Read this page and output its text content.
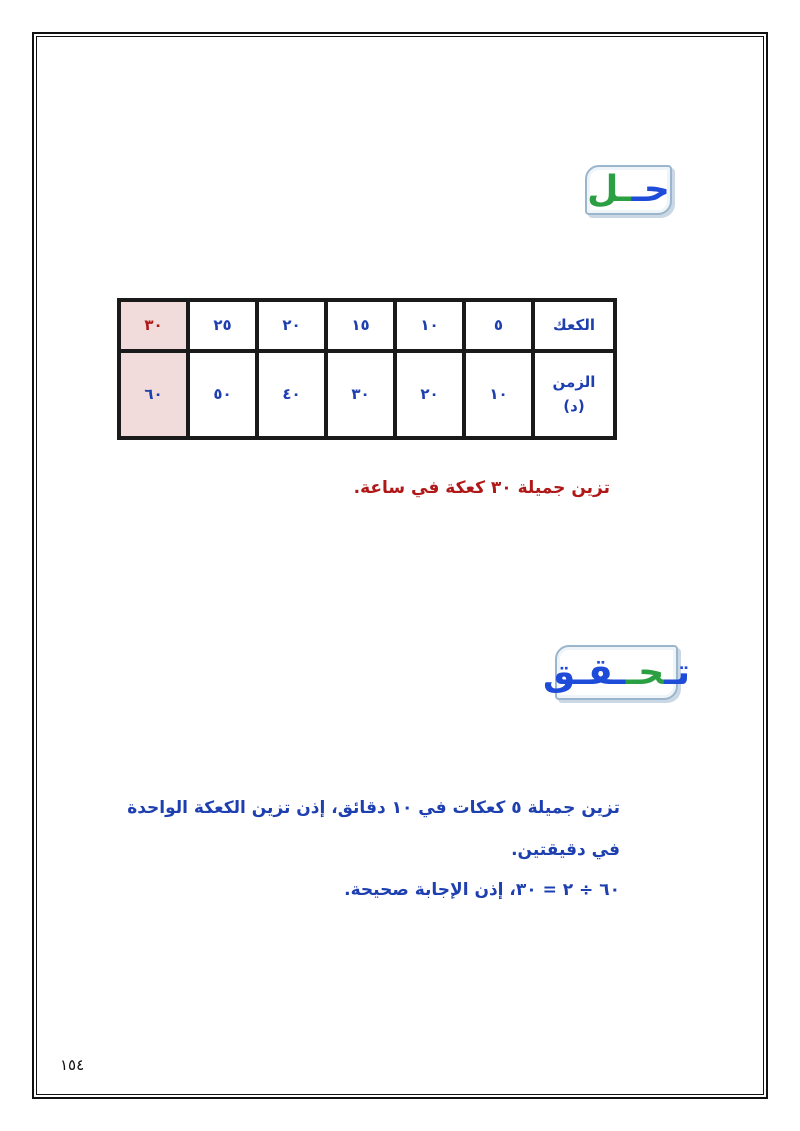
حــل
الكعك	٥	١٠	١٥	٢٠	٢٥	٣٠

الزمن
(د)	١٠	٢٠	٣٠	٤٠	٥٠	٦٠
تزين جميلة ٣٠ كعكة في ساعة.
تـحــقـق
تزين جميلة ٥ كعكات في ١٠ دقائق، إذن تزين الكعكة الواحدة في دقيقتين.
٦٠ ÷ ٢ = ٣٠، إذن الإجابة صحيحة.
١٥٤
